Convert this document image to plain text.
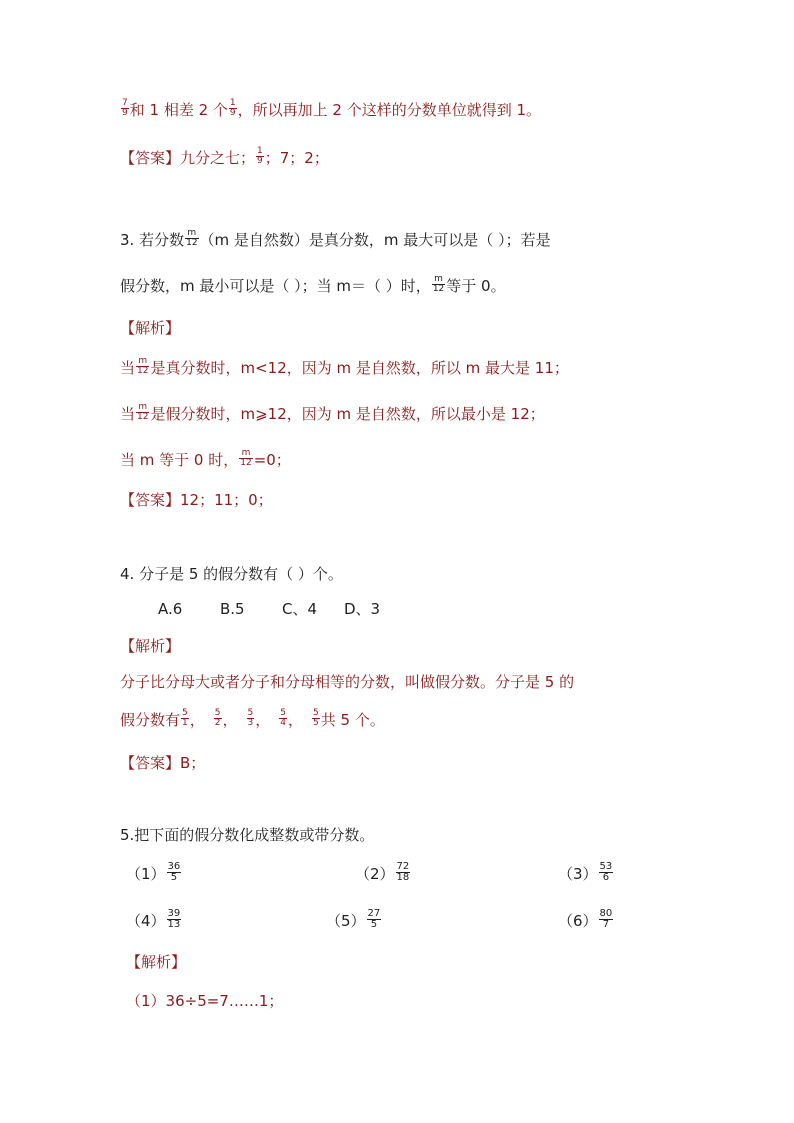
$\frac{7}{9}$ 和 1 相差 2 个 $\frac{1}{9}$ ，所以再加上 2 个这样的分数单位就得到 1。
【答案】九分之七； $\frac{1}{9}$ ；7；2；
3. 若分数 $\frac{m}{12} (m$ 是自然数）是真分数，m 最大可以是（ ）；若是
假分数，m 最小可以是（ ）；当 m＝（ ）时， $\frac{m}{12}$ 等于 0。
【解析】
当 $\frac{m}{12}$ 是真分数时，m<12，因为 m 是自然数，所以 m 最大是 11；
当 $\frac{m}{12}$ 是假分数时，m⩾12，因为 m 是自然数，所以最小是 12；
当 m 等于 0 时， $\frac{m}{12} =0$；
【答案】12；11；0；
4. 分子是 5 的假分数有（ ）个。
A.6	B.5 C、4 D、3
【解析】
分子比分母大或者分子和分母相等的分数，叫做假分数。分子是 5 的
假分数有 $\frac{5}{1}$ ， $\frac{5}{2}$ ， $\frac{5}{3}$ ， $\frac{5}{4}$ ， $\frac{5}{5}$ 共 5 个。
【答案】B；
5.把下面的假分数化成整数或带分数。
$(1) \frac{36}{5}$	$(2) \frac{72}{18}$	$(3) \frac{53}{6}$
$(4) \frac{39}{13}$	$(5) \frac{27}{5}$	$(6) \frac{80}{7}$
【解析】
（1）36÷5=7……1；
